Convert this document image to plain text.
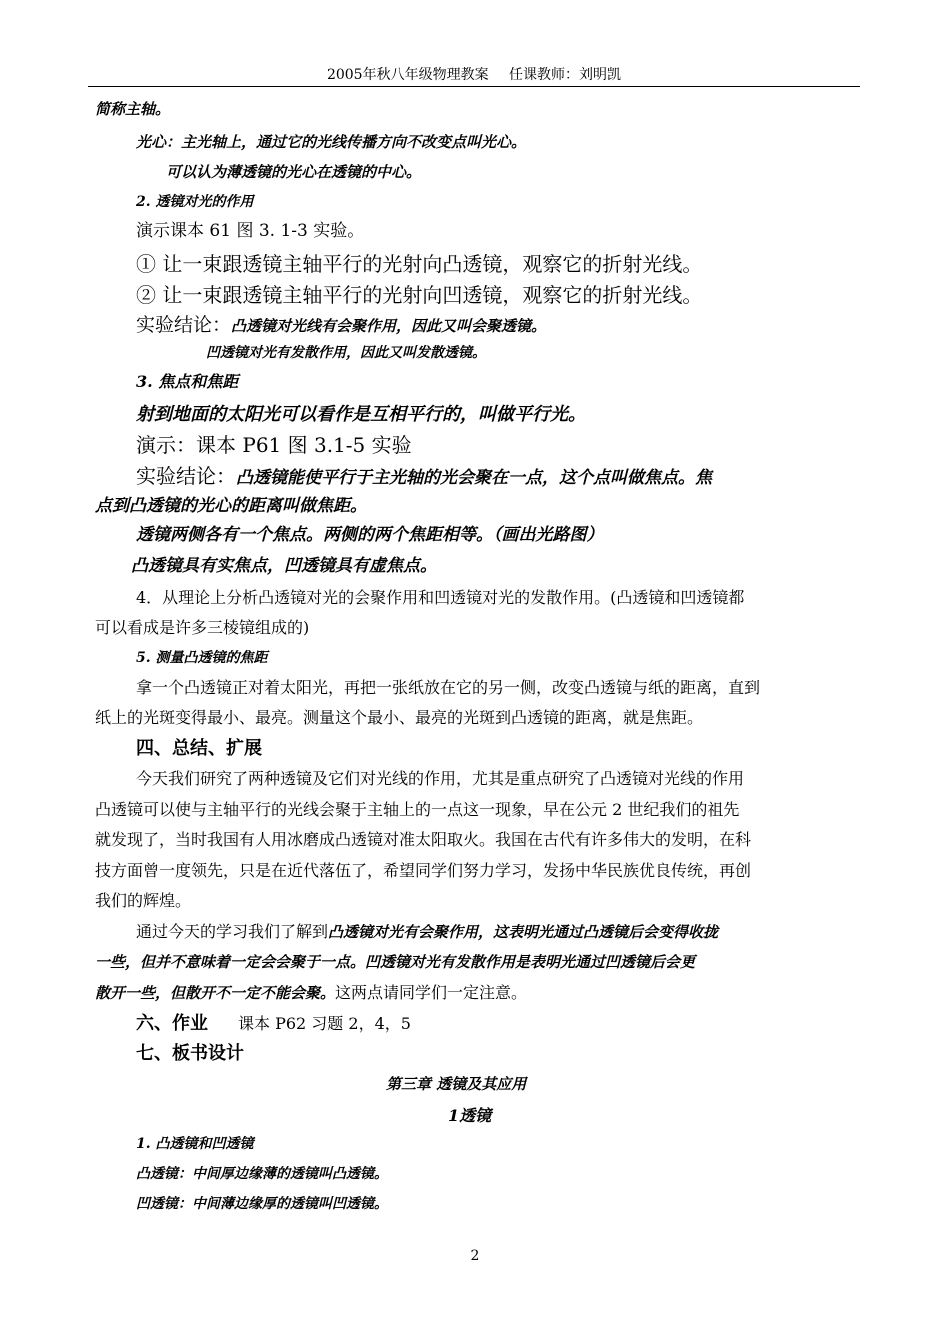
2005年秋八年级物理教案 任课教师：刘明凯
简称主轴。
光心：主光轴上，通过它的光线传播方向不改变点叫光心。
可以认为薄透镜的光心在透镜的中心。
2. 透镜对光的作用
演示课本 61 图 3. 1-3 实验。
① 让一束跟透镜主轴平行的光射向凸透镜，观察它的折射光线。
② 让一束跟透镜主轴平行的光射向凹透镜，观察它的折射光线。
实验结论：凸透镜对光线有会聚作用，因此又叫会聚透镜。
凹透镜对光有发散作用，因此又叫发散透镜。
3. 焦点和焦距
射到地面的太阳光可以看作是互相平行的，叫做平行光。
演示：课本 P61 图 3.1-5 实验
实验结论：凸透镜能使平行于主光轴的光会聚在一点，这个点叫做焦点。焦
点到凸透镜的光心的距离叫做焦距。
透镜两侧各有一个焦点。两侧的两个焦距相等。（画出光路图）
凸透镜具有实焦点，凹透镜具有虚焦点。
4．从理论上分析凸透镜对光的会聚作用和凹透镜对光的发散作用。(凸透镜和凹透镜都
可以看成是许多三棱镜组成的)
5. 测量凸透镜的焦距
拿一个凸透镜正对着太阳光，再把一张纸放在它的另一侧，改变凸透镜与纸的距离，直到
纸上的光斑变得最小、最亮。测量这个最小、最亮的光斑到凸透镜的距离，就是焦距。
四、总结、扩展
今天我们研究了两种透镜及它们对光线的作用，尤其是重点研究了凸透镜对光线的作用
凸透镜可以使与主轴平行的光线会聚于主轴上的一点这一现象，早在公元 2 世纪我们的祖先
就发现了，当时我国有人用冰磨成凸透镜对准太阳取火。我国在古代有许多伟大的发明，在科
技方面曾一度领先，只是在近代落伍了，希望同学们努力学习，发扬中华民族优良传统，再创
我们的辉煌。
通过今天的学习我们了解到凸透镜对光有会聚作用，这表明光通过凸透镜后会变得收拢
一些，但并不意味着一定会会聚于一点。凹透镜对光有发散作用是表明光通过凹透镜后会更
散开一些，但散开不一定不能会聚。这两点请同学们一定注意。
六、作业 课本 P62 习题 2，4，5
七、板书设计
第三章 透镜及其应用
1透镜
1. 凸透镜和凹透镜
凸透镜：中间厚边缘薄的透镜叫凸透镜。
凹透镜：中间薄边缘厚的透镜叫凹透镜。
2
